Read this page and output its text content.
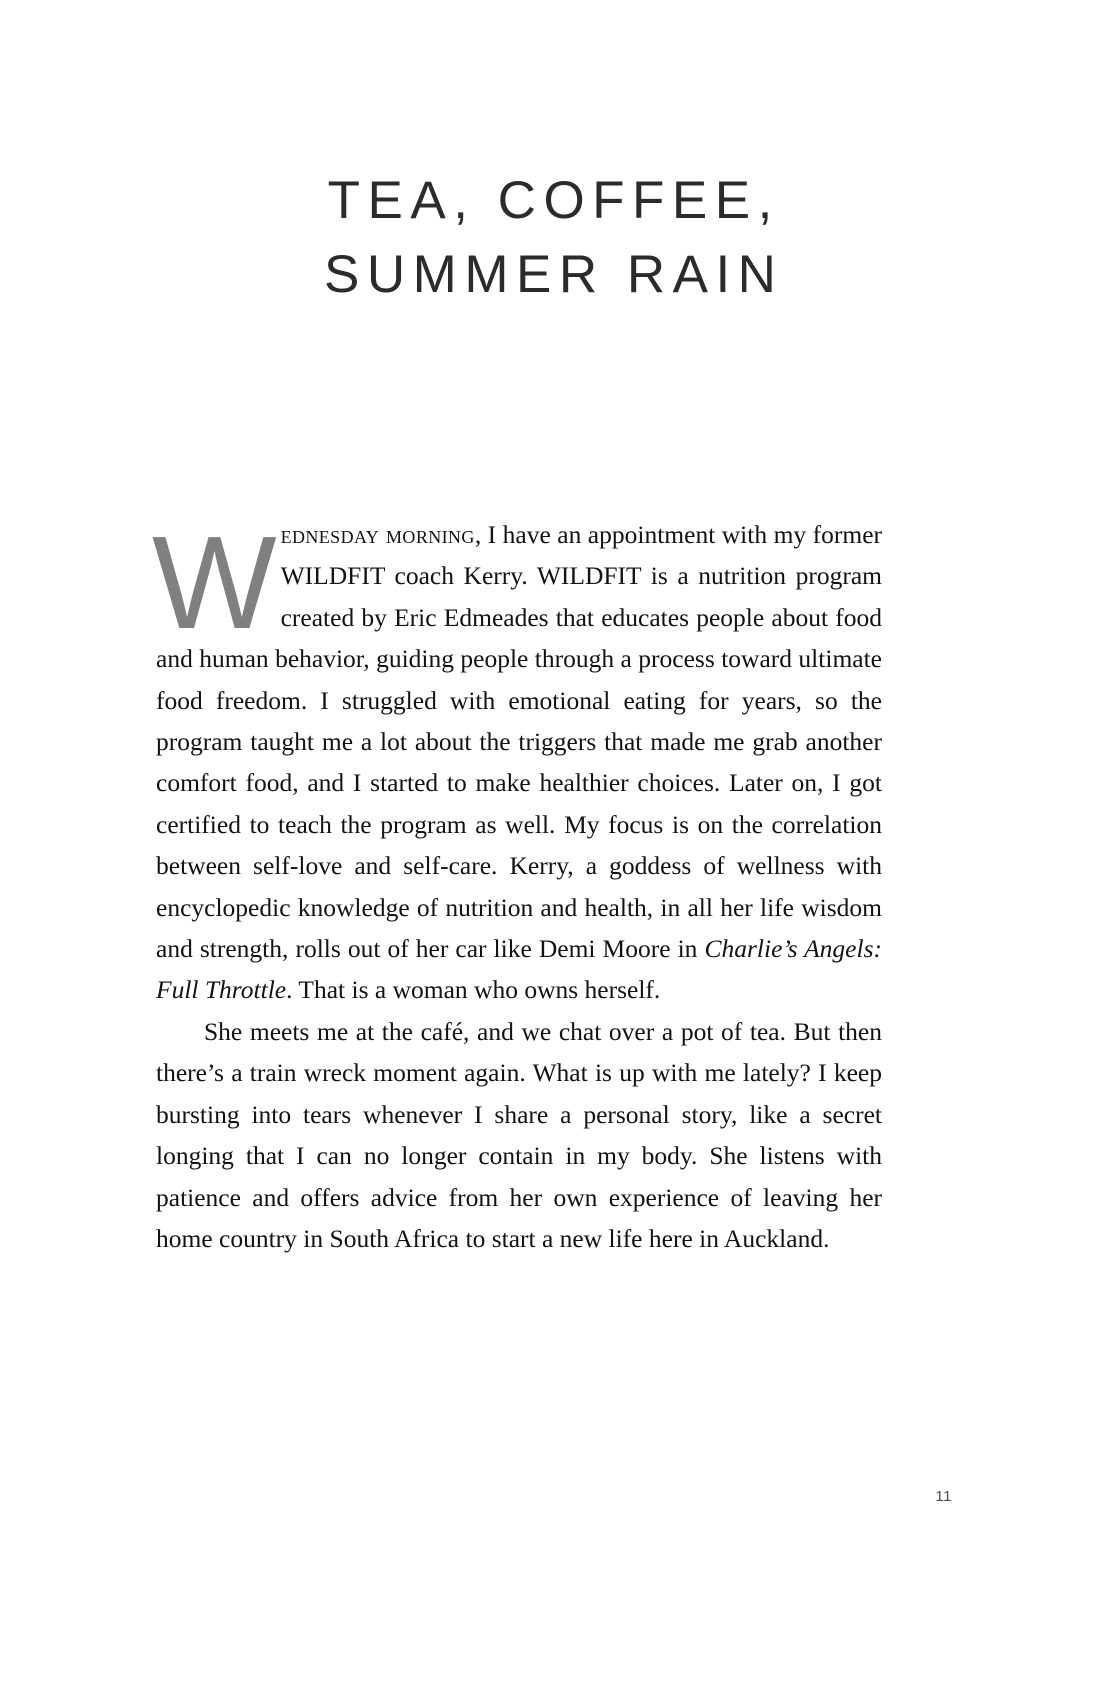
TEA, COFFEE,
SUMMER RAIN

Wednesday morning, I have an appointment with my former WILDFIT coach Kerry. WILDFIT is a nutrition program created by Eric Edmeades that educates people about food and human behavior, guiding people through a process toward ultimate food freedom. I struggled with emotional eating for years, so the program taught me a lot about the triggers that made me grab another comfort food, and I started to make healthier choices. Later on, I got certified to teach the program as well. My focus is on the correlation between self-love and self-care. Kerry, a goddess of wellness with encyclopedic knowledge of nutrition and health, in all her life wisdom and strength, rolls out of her car like Demi Moore in Charlie’s Angels: Full Throttle. That is a woman who owns herself.

She meets me at the café, and we chat over a pot of tea. But then there’s a train wreck moment again. What is up with me lately? I keep bursting into tears whenever I share a personal story, like a secret longing that I can no longer contain in my body. She listens with patience and offers advice from her own experience of leaving her home country in South Africa to start a new life here in Auckland.

11
